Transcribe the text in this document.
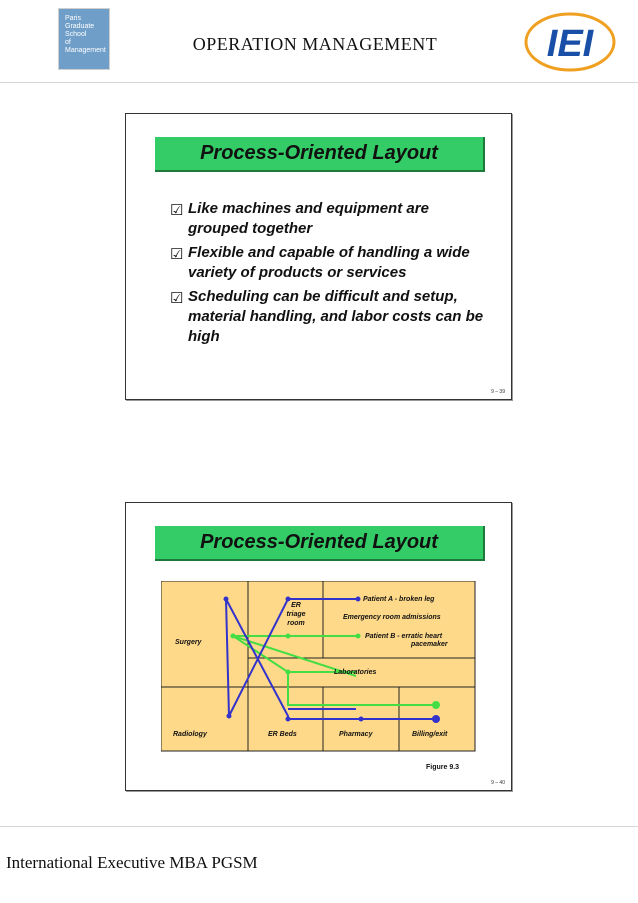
Paris
Graduate
School
of
Management	OPERATION MANAGEMENT	IEI
Process-Oriented Layout
☑ Like machines and equipment are grouped together
☑ Flexible and capable of handling a wide variety of products or services
☑ Scheduling can be difficult and setup, material handling, and labor costs can be high
9 – 39
Process-Oriented Layout
Patient A - broken leg
Emergency room admissions
Patient B - erratic heart
pacemaker
ER
triage
room
Surgery
Laboratories
Radiology	ER Beds	Pharmacy	Billing/exit
Figure 9.3
9 – 40
International Executive MBA PGSM
